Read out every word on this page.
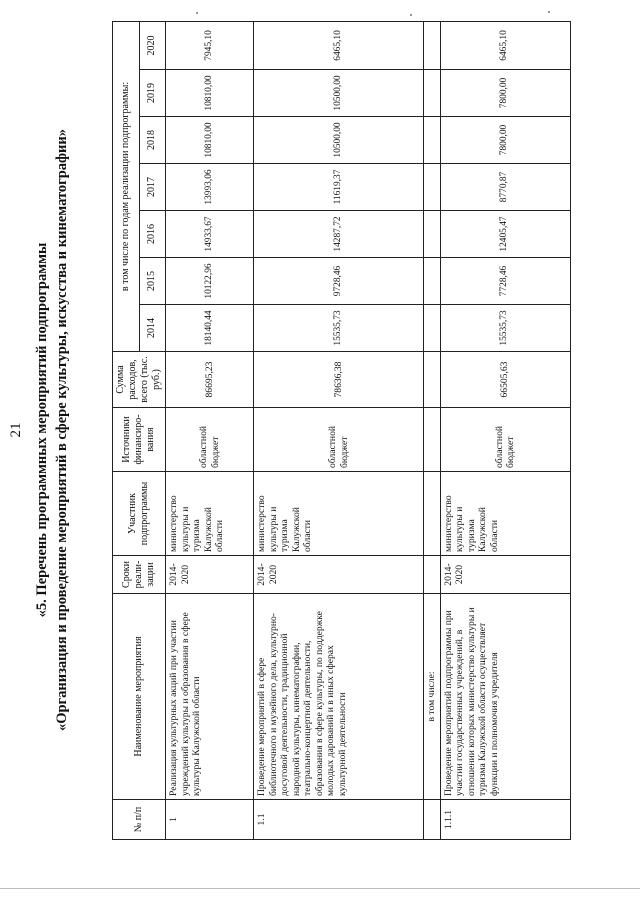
21 «5. Перечень программных мероприятий подпрограммы «Организация и проведение мероприятий в сфере культуры, искусства и кинематографии»
№ п/п	Наименование мероприятия	Сроки реали-зации	Участник подпрограммы	Источники финансиро-вания	Сумма расходов, всего (тыс. руб.)	в том числе по годам реализации подпрограммы:						
						2014	2015	2016	2017	2018	2019	2020
1	Реализация культурных акций при участии учреждений культуры и образования в сфере культуры Калужской области	2014-2020	министерство культуры и туризма Калужской области	областной бюджет	86695,23	18140,44	10122,96	14933,67	13993,06	10810,00	10810,00	7945,10
1.1	Проведение мероприятий в сфере библиотечного и музейного дела, культурно-досуговой деятельности, традиционной народной культуры, кинематографии, театрально-концертной деятельности, образования в сфере культуры, по поддержке молодых дарований и в иных сферах культурной деятельности	2014-2020	министерство культуры и туризма Калужской области	областной бюджет	78636,38	15535,73	9728,46	14287,72	11619,37	10500,00	10500,00	6465,10
	в том числе:											
1.1.1	Проведение мероприятий подпрограммы при участии государственных учреждений, в отношении которых министерство культуры и туризма Калужской области осуществляет функции и полномочия учредителя	2014-2020	министерство культуры и туризма Калужской области	областной бюджет	66505,63	15535,73	7728,46	12405,47	8770,87	7800,00	7800,00	6465,10
